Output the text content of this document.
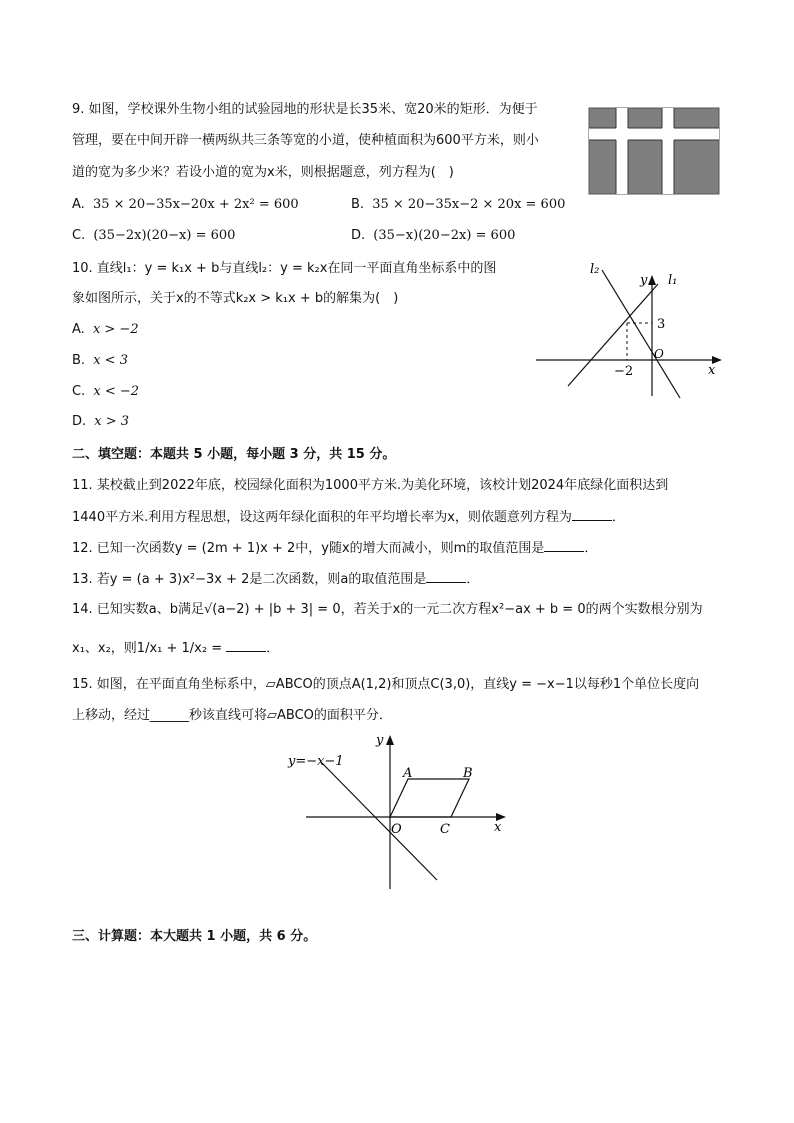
9. 如图，学校课外生物小组的试验园地的形状是长35米、宽20米的矩形．为便于
管理，要在中间开辟一横两纵共三条等宽的小道，使种植面积为600平方米，则小
道的宽为多少米？若设小道的宽为x米，则根据题意，列方程为(　)
A. 35 × 20−35x−20x + 2x² = 600	B. 35 × 20−35x−2 × 20x = 600
C. (35−2x)(20−x) = 600	D. (35−x)(20−2x) = 600
10. 直线l₁：y = k₁x + b与直线l₂：y = k₂x在同一平面直角坐标系中的图
象如图所示，关于x的不等式k₂x > k₁x + b的解集为(　)
A. x > −2
B. x < 3
C. x < −2
D. x > 3
l₂
y l₁
3
O
−2	x
二、填空题：本题共 5 小题，每小题 3 分，共 15 分。
11. 某校截止到2022年底，校园绿化面积为1000平方米.为美化环境，该校计划2024年底绿化面积达到
1440平方米.利用方程思想，设这两年绿化面积的年平均增长率为x，则依题意列方程为	．
12. 已知一次函数y = (2m + 1)x + 2中，y随x的增大而减小，则m的取值范围是	．
13. 若y = (a + 3)x²−3x + 2是二次函数，则a的取值范围是	．
14. 已知实数a、b满足√(a−2) + |b + 3| = 0，若关于x的一元二次方程x²−ax + b = 0的两个实数根分别为
x₁、x₂，则1/x₁ + 1/x₂ =	．
15. 如图，在平面直角坐标系中，▱ABCO的顶点A(1,2)和顶点C(3,0)，直线y = −x−1以每秒1个单位长度向
上移动，经过______秒该直线可将▱ABCO的面积平分．
y=−x−1
y
A	B
O	C	x
三、计算题：本大题共 1 小题，共 6 分。
